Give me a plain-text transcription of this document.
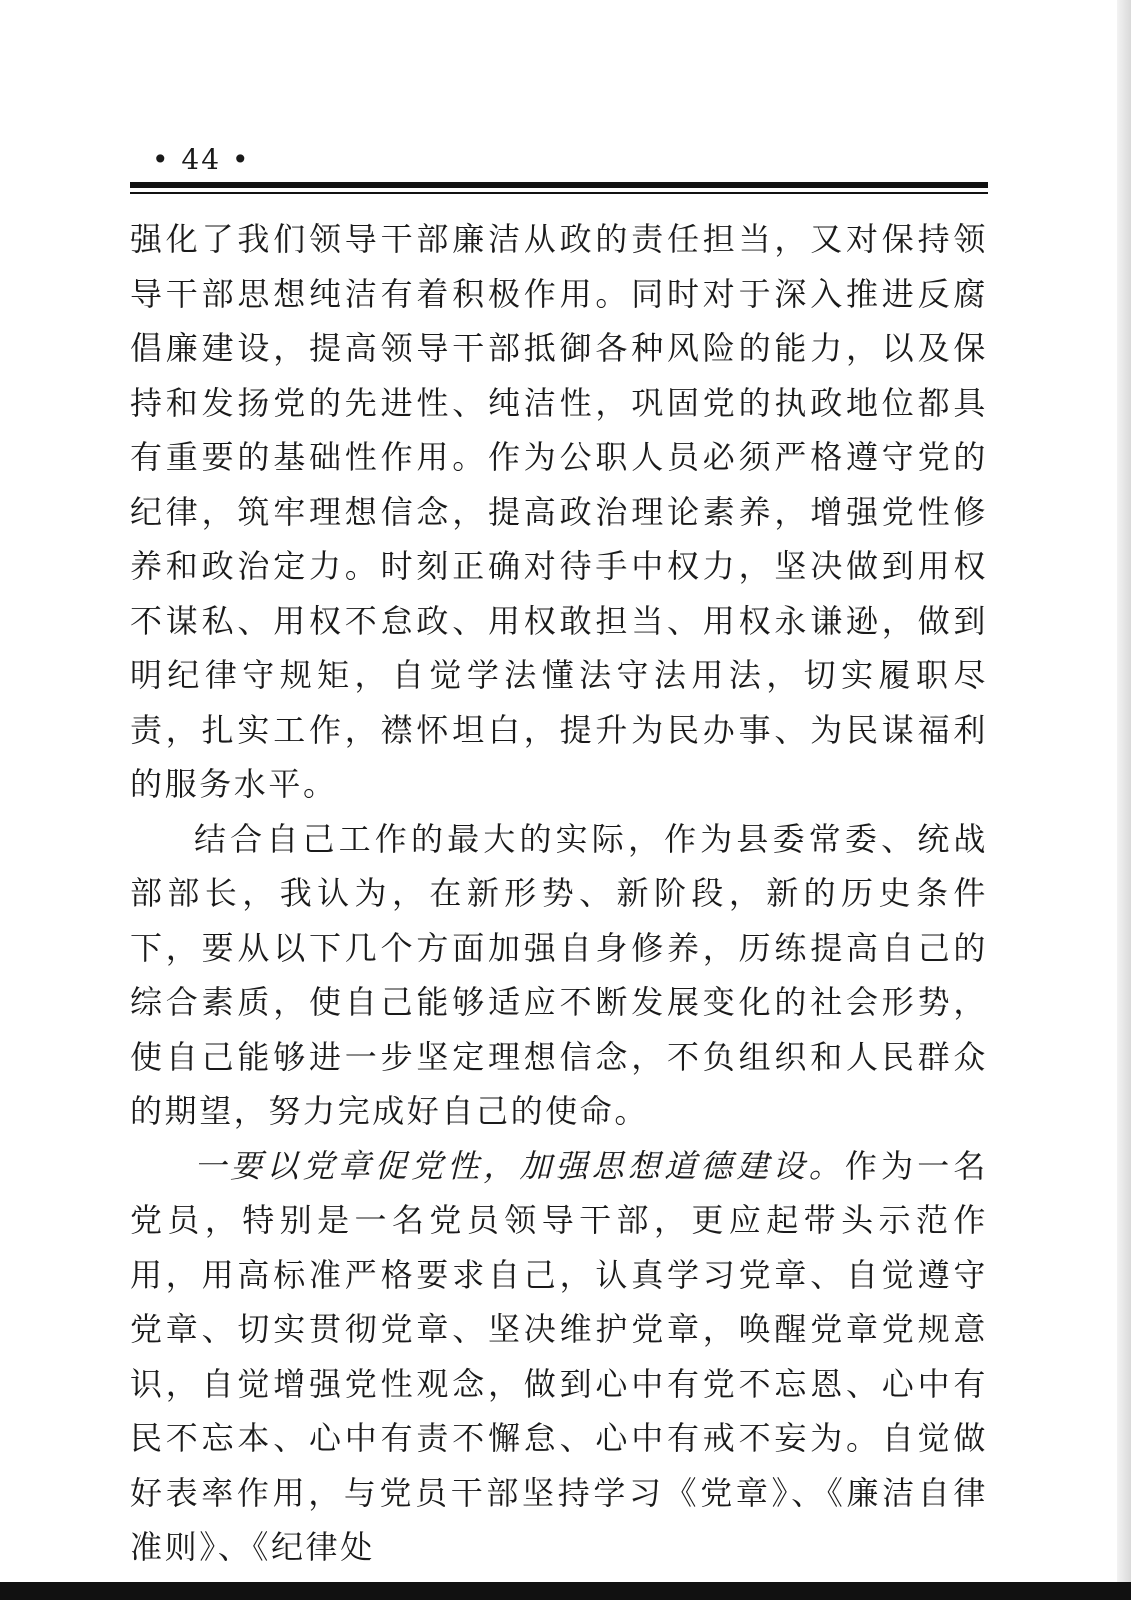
• 44 •

强化了我们领导干部廉洁从政的责任担当，又对保持领导干部思想纯洁有着积极作用。同时对于深入推进反腐倡廉建设，提高领导干部抵御各种风险的能力，以及保持和发扬党的先进性、纯洁性，巩固党的执政地位都具有重要的基础性作用。作为公职人员必须严格遵守党的纪律，筑牢理想信念，提高政治理论素养，增强党性修养和政治定力。时刻正确对待手中权力，坚决做到用权不谋私、用权不怠政、用权敢担当、用权永谦逊，做到明纪律守规矩，自觉学法懂法守法用法，切实履职尽责，扎实工作，襟怀坦白，提升为民办事、为民谋福利的服务水平。

结合自己工作的最大的实际，作为县委常委、统战部部长，我认为，在新形势、新阶段，新的历史条件下，要从以下几个方面加强自身修养，历练提高自己的综合素质，使自己能够适应不断发展变化的社会形势，使自己能够进一步坚定理想信念，不负组织和人民群众的期望，努力完成好自己的使命。

一要以党章促党性，加强思想道德建设。作为一名党员，特别是一名党员领导干部，更应起带头示范作用，用高标准严格要求自己，认真学习党章、自觉遵守党章、切实贯彻党章、坚决维护党章，唤醒党章党规意识，自觉增强党性观念，做到心中有党不忘恩、心中有民不忘本、心中有责不懈怠、心中有戒不妄为。自觉做好表率作用，与党员干部坚持学习《党章》、《廉洁自律准则》、《纪律处
